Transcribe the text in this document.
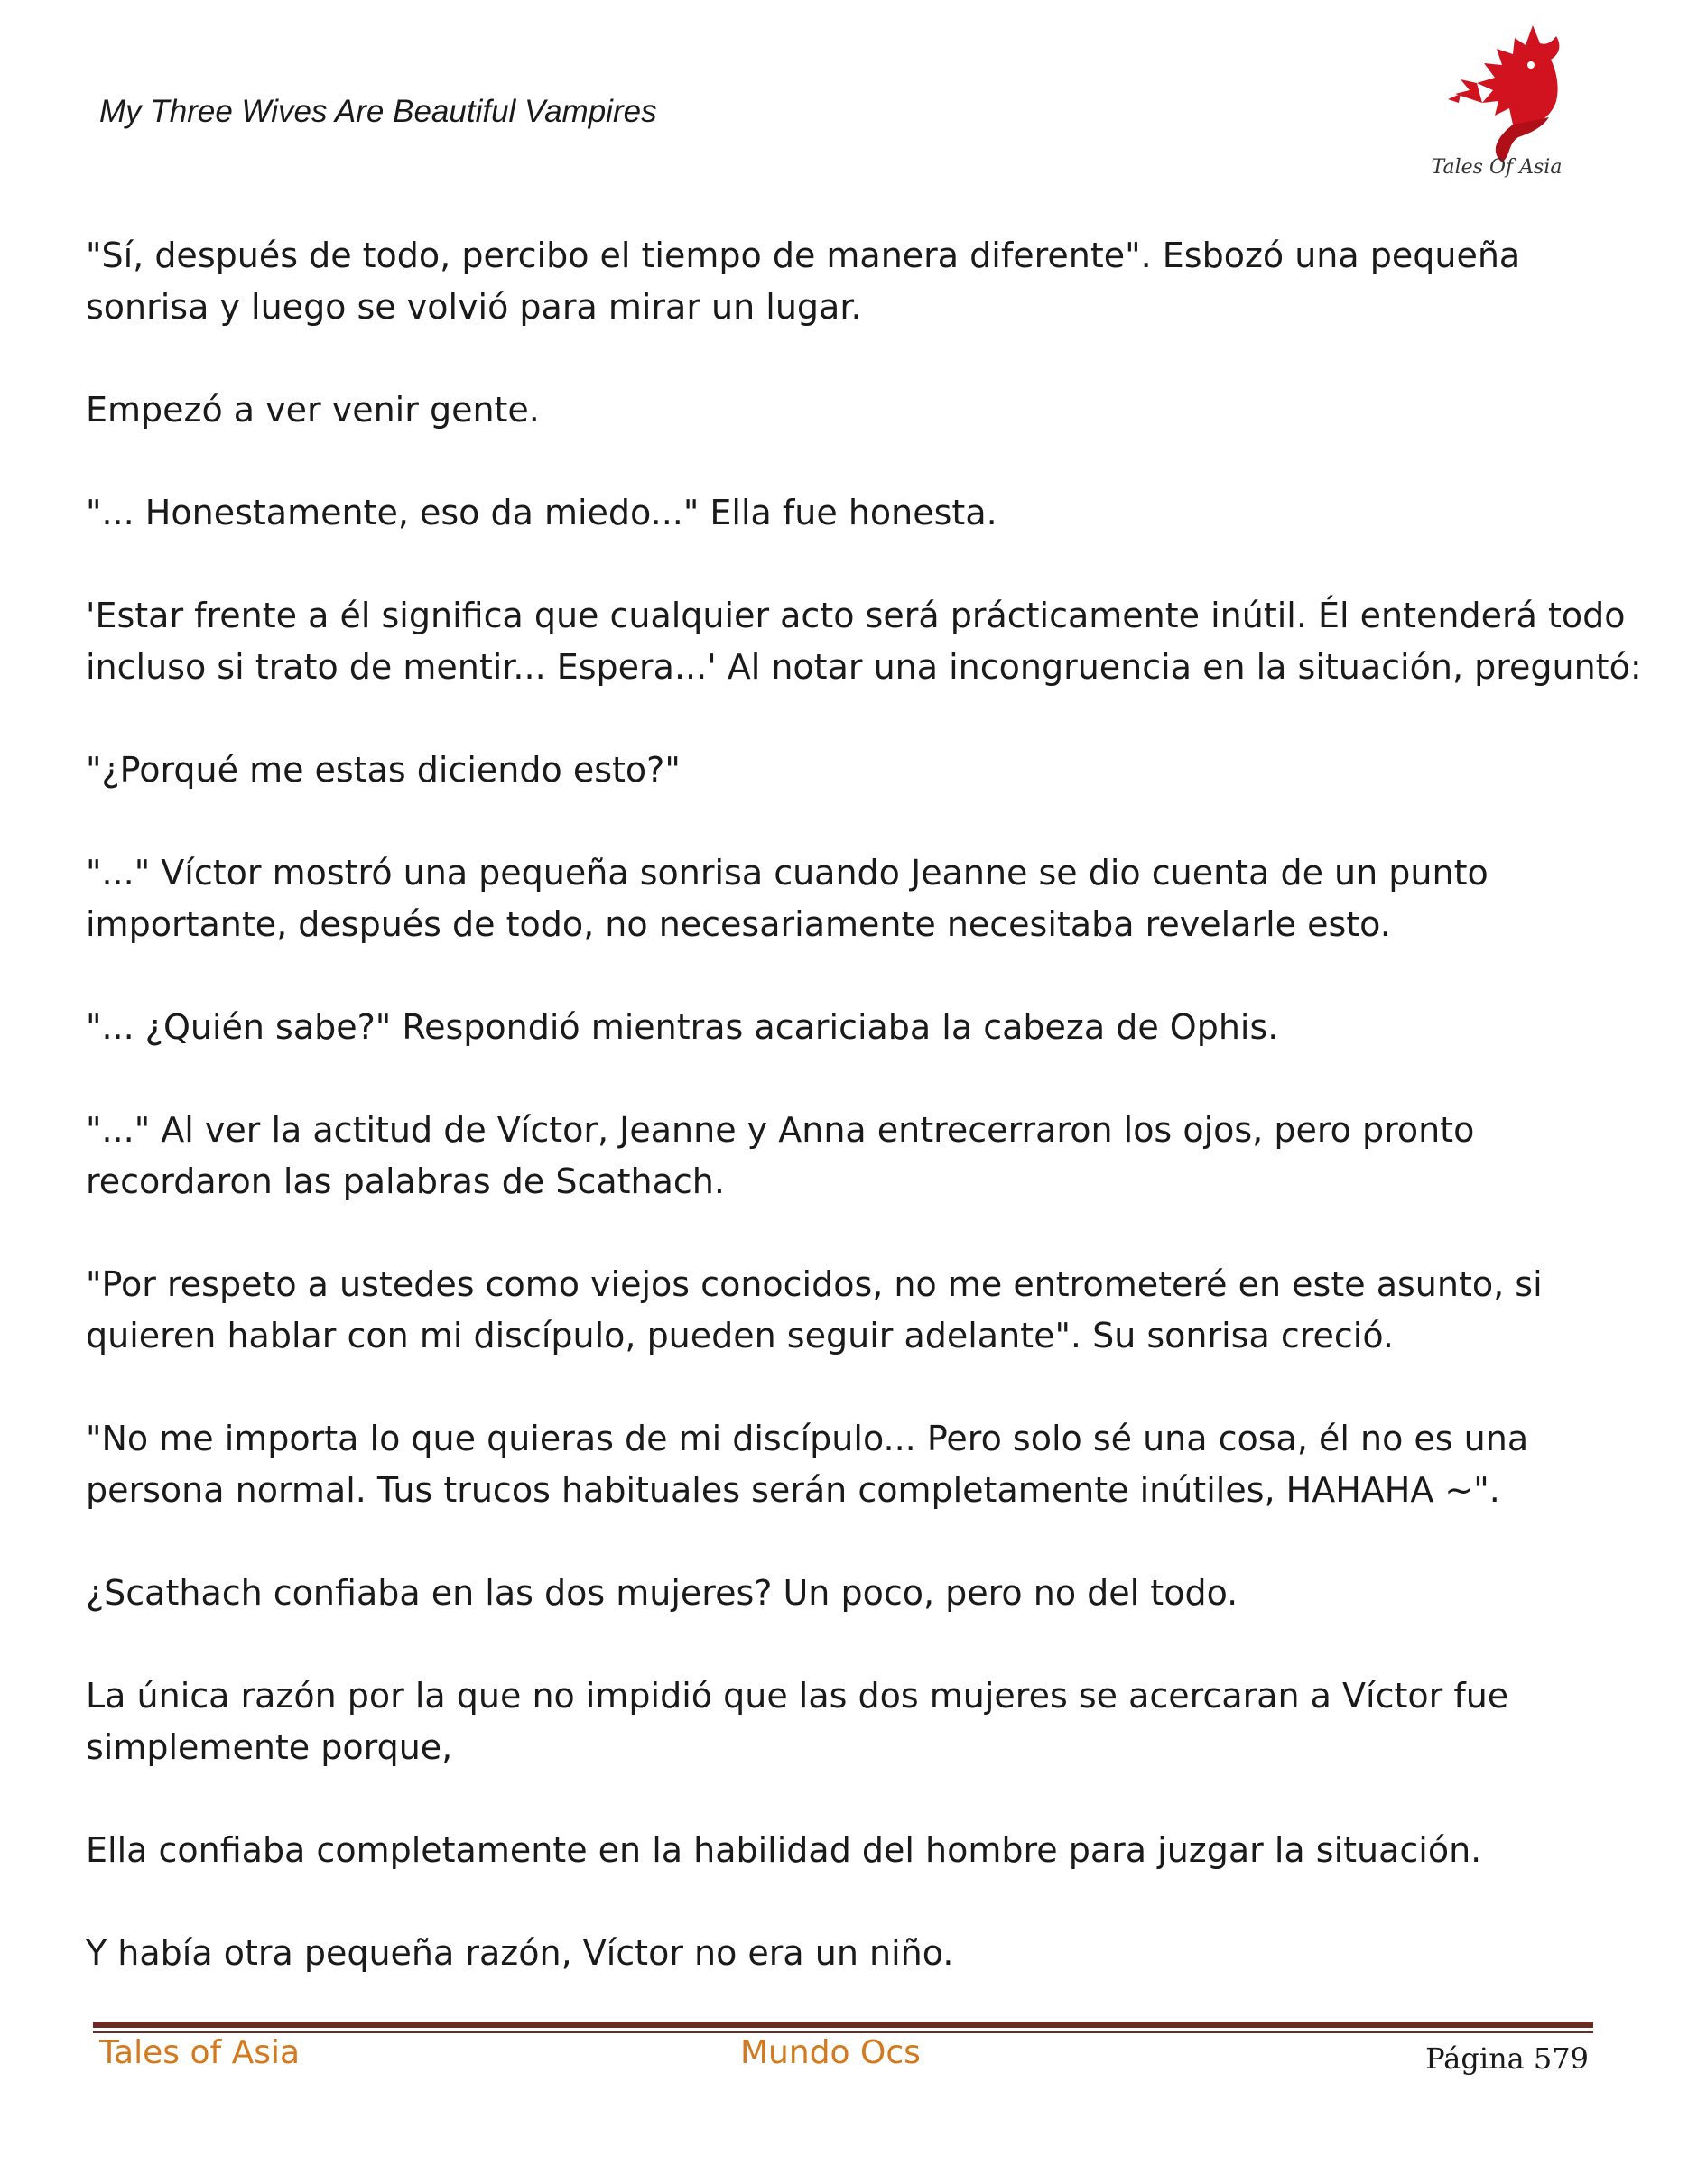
My Three Wives Are Beautiful Vampires
Tales Of Asia

"Sí, después de todo, percibo el tiempo de manera diferente". Esbozó una pequeña
sonrisa y luego se volvió para mirar un lugar.

Empezó a ver venir gente.

"... Honestamente, eso da miedo..." Ella fue honesta.

'Estar frente a él significa que cualquier acto será prácticamente inútil. Él entenderá todo
incluso si trato de mentir... Espera...' Al notar una incongruencia en la situación, preguntó:

"¿Porqué me estas diciendo esto?"

"..." Víctor mostró una pequeña sonrisa cuando Jeanne se dio cuenta de un punto
importante, después de todo, no necesariamente necesitaba revelarle esto.

"... ¿Quién sabe?" Respondió mientras acariciaba la cabeza de Ophis.

"..." Al ver la actitud de Víctor, Jeanne y Anna entrecerraron los ojos, pero pronto
recordaron las palabras de Scathach.

"Por respeto a ustedes como viejos conocidos, no me entrometeré en este asunto, si
quieren hablar con mi discípulo, pueden seguir adelante". Su sonrisa creció.

"No me importa lo que quieras de mi discípulo... Pero solo sé una cosa, él no es una
persona normal. Tus trucos habituales serán completamente inútiles, HAHAHA ~".

¿Scathach confiaba en las dos mujeres? Un poco, pero no del todo.

La única razón por la que no impidió que las dos mujeres se acercaran a Víctor fue
simplemente porque,

Ella confiaba completamente en la habilidad del hombre para juzgar la situación.

Y había otra pequeña razón, Víctor no era un niño.

Tales of Asia	Mundo Ocs	Página 579
